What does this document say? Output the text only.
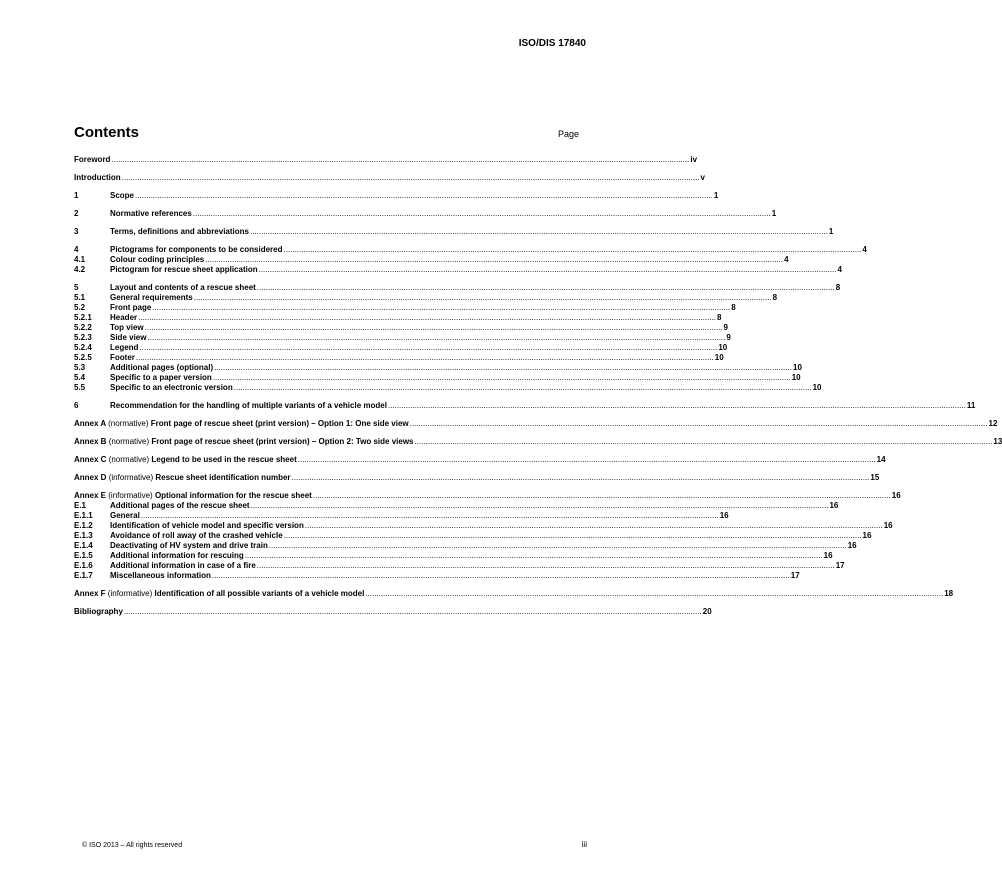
ISO/DIS 17840
Contents	Page
Foreword .....	iv
Introduction .....	v
1	Scope .....	1
2	Normative references .....	1
3	Terms, definitions and abbreviations .....	1
4	Pictograms for components to be considered .....	4
4.1	Colour coding principles .....	4
4.2	Pictogram for rescue sheet application .....	4
5	Layout and contents of a rescue sheet .....	8
5.1	General requirements .....	8
5.2	Front page .....	8
5.2.1	Header .....	8
5.2.2	Top view .....	9
5.2.3	Side view .....	9
5.2.4	Legend .....	10
5.2.5	Footer .....	10
5.3	Additional pages (optional) .....	10
5.4	Specific to a paper version .....	10
5.5	Specific to an electronic version .....	10
6	Recommendation for the handling of multiple variants of a vehicle model .....	11
Annex A (normative) Front page of rescue sheet (print version) – Option 1: One side view .....	12
Annex B (normative) Front page of rescue sheet (print version) – Option 2: Two side views .....	13
Annex C (normative) Legend to be used in the rescue sheet .....	14
Annex D (informative) Rescue sheet identification number .....	15
Annex E (informative) Optional information for the rescue sheet .....	16
E.1	Additional pages of the rescue sheet .....	16
E.1.1	General .....	16
E.1.2	Identification of vehicle model and specific version .....	16
E.1.3	Avoidance of roll away of the crashed vehicle .....	16
E.1.4	Deactivating of HV system and drive train .....	16
E.1.5	Additional information for rescuing .....	16
E.1.6	Additional information in case of a fire .....	17
E.1.7	Miscellaneous information .....	17
Annex F (informative) Identification of all possible variants of a vehicle model .....	18
Bibliography .....	20
© ISO 2013 – All rights reserved	iii
